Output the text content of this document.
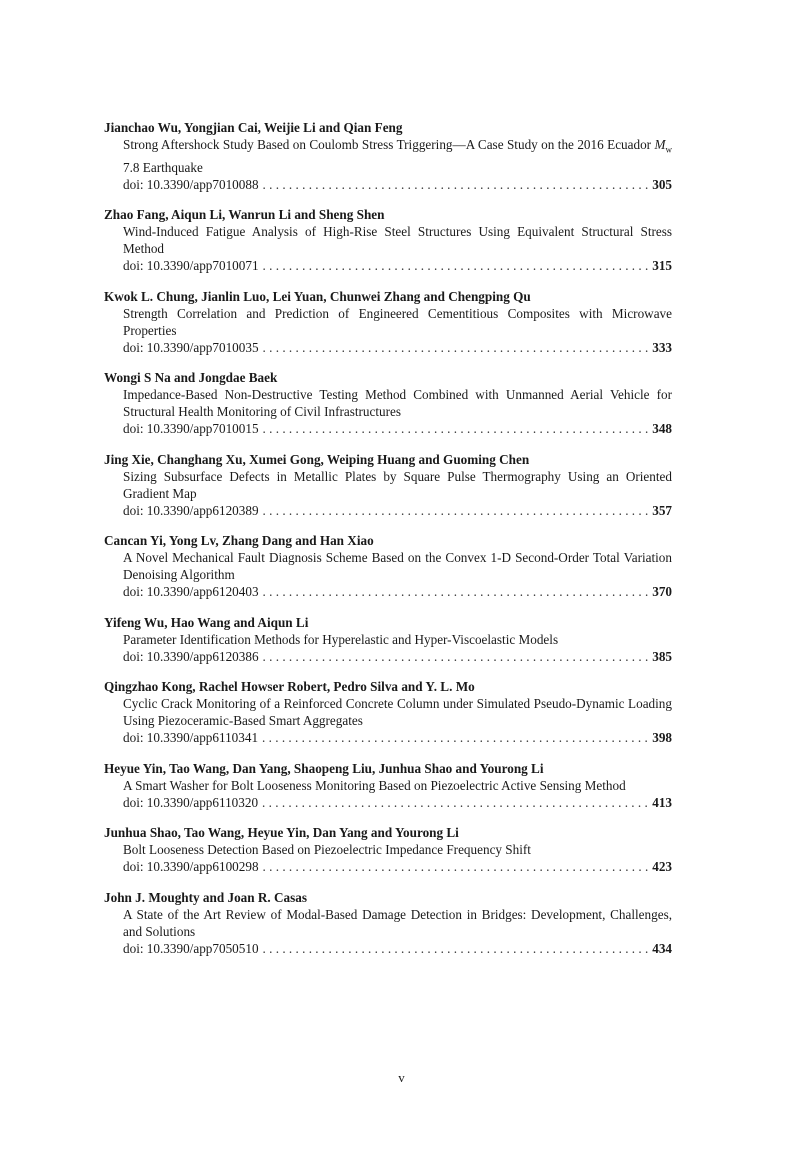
Jianchao Wu, Yongjian Cai, Weijie Li and Qian Feng

Strong Aftershock Study Based on Coulomb Stress Triggering—A Case Study on the 2016 Ecuador $M_w$ 7.8 Earthquake

doi: 10.3390/app7010088 . . .	305

Zhao Fang, Aiqun Li, Wanrun Li and Sheng Shen

Wind-Induced Fatigue Analysis of High-Rise Steel Structures Using Equivalent Structural Stress Method

doi: 10.3390/app7010071 . . .	315

Kwok L. Chung, Jianlin Luo, Lei Yuan, Chunwei Zhang and Chengping Qu

Strength Correlation and Prediction of Engineered Cementitious Composites with Microwave Properties

doi: 10.3390/app7010035 . . .	333

Wongi S Na and Jongdae Baek

Impedance-Based Non-Destructive Testing Method Combined with Unmanned Aerial Vehicle for Structural Health Monitoring of Civil Infrastructures

doi: 10.3390/app7010015 . . .	348

Jing Xie, Changhang Xu, Xumei Gong, Weiping Huang and Guoming Chen

Sizing Subsurface Defects in Metallic Plates by Square Pulse Thermography Using an Oriented Gradient Map

doi: 10.3390/app6120389 . . .	357

Cancan Yi, Yong Lv, Zhang Dang and Han Xiao

A Novel Mechanical Fault Diagnosis Scheme Based on the Convex 1-D Second-Order Total Variation Denoising Algorithm

doi: 10.3390/app6120403 . . .	370

Yifeng Wu, Hao Wang and Aiqun Li

Parameter Identification Methods for Hyperelastic and Hyper-Viscoelastic Models

doi: 10.3390/app6120386 . . .	385

Qingzhao Kong, Rachel Howser Robert, Pedro Silva and Y. L. Mo

Cyclic Crack Monitoring of a Reinforced Concrete Column under Simulated Pseudo-Dynamic Loading Using Piezoceramic-Based Smart Aggregates

doi: 10.3390/app6110341 . . .	398

Heyue Yin, Tao Wang, Dan Yang, Shaopeng Liu, Junhua Shao and Yourong Li

A Smart Washer for Bolt Looseness Monitoring Based on Piezoelectric Active Sensing Method

doi: 10.3390/app6110320 . . .	413

Junhua Shao, Tao Wang, Heyue Yin, Dan Yang and Yourong Li

Bolt Looseness Detection Based on Piezoelectric Impedance Frequency Shift

doi: 10.3390/app6100298 . . .	423

John J. Moughty and Joan R. Casas

A State of the Art Review of Modal-Based Damage Detection in Bridges: Development, Challenges, and Solutions

doi: 10.3390/app7050510 . . .	434
v
